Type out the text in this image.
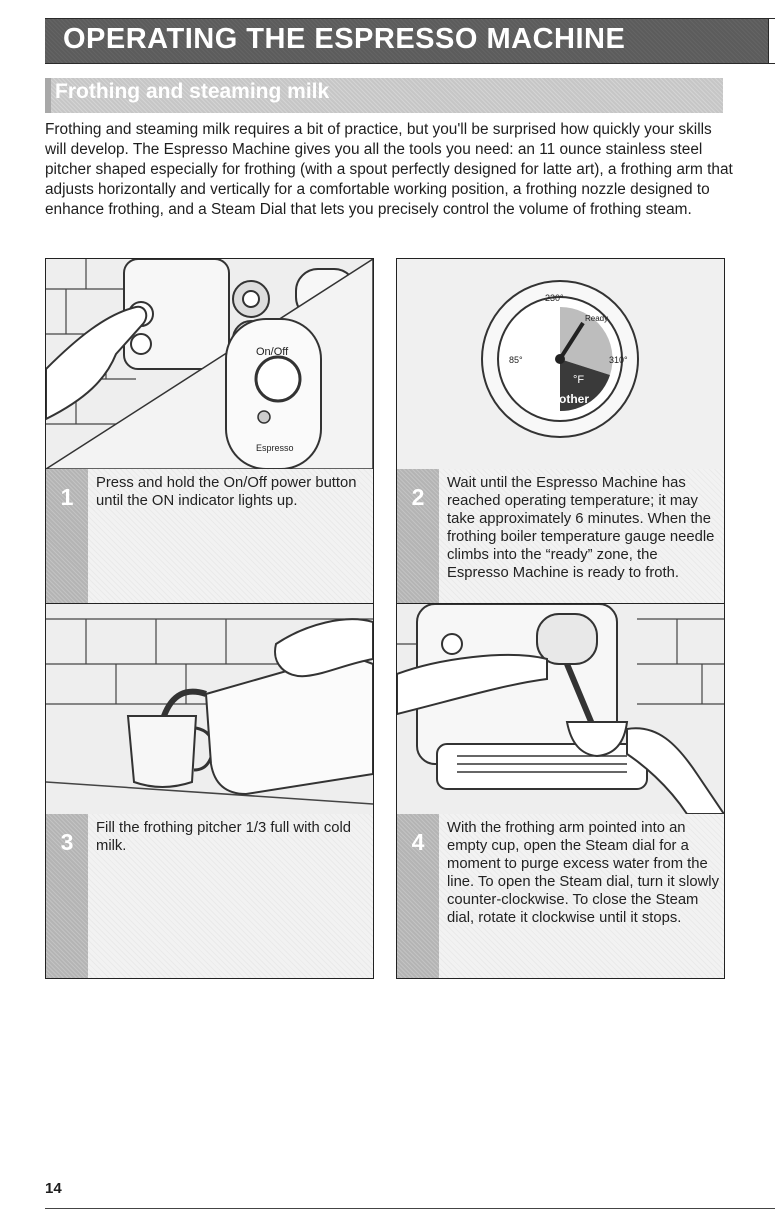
OPERATING THE ESPRESSO MACHINE
Frothing and steaming milk

Frothing and steaming milk requires a bit of practice, but you'll be surprised how quickly your skills will develop. The Espresso Machine gives you all the tools you need: an 11 ounce stainless steel pitcher shaped especially for frothing (with a spout perfectly designed for latte art), a frothing arm that adjusts horizontally and vertically for a comfortable working position, a frothing nozzle designed to enhance frothing, and a Steam Dial that lets you precisely control the volume of frothing steam.

On/Off
Espresso
1
Press and hold the On/Off power button until the ON indicator lights up.
230°
85°	310°
Ready
°F
Frother
2
Wait until the Espresso Machine has reached operating temperature; it may take approximately 6 minutes. When the frothing boiler temperature gauge needle climbs into the “ready” zone, the Espresso Machine is ready to froth.
3
Fill the frothing pitcher 1/3 full with cold milk.	4
With the frothing arm pointed into an empty cup, open the Steam dial for a moment to purge excess water from the line. To open the Steam dial, turn it slowly counter-clockwise. To close the Steam dial, rotate it clockwise until it stops.
14
